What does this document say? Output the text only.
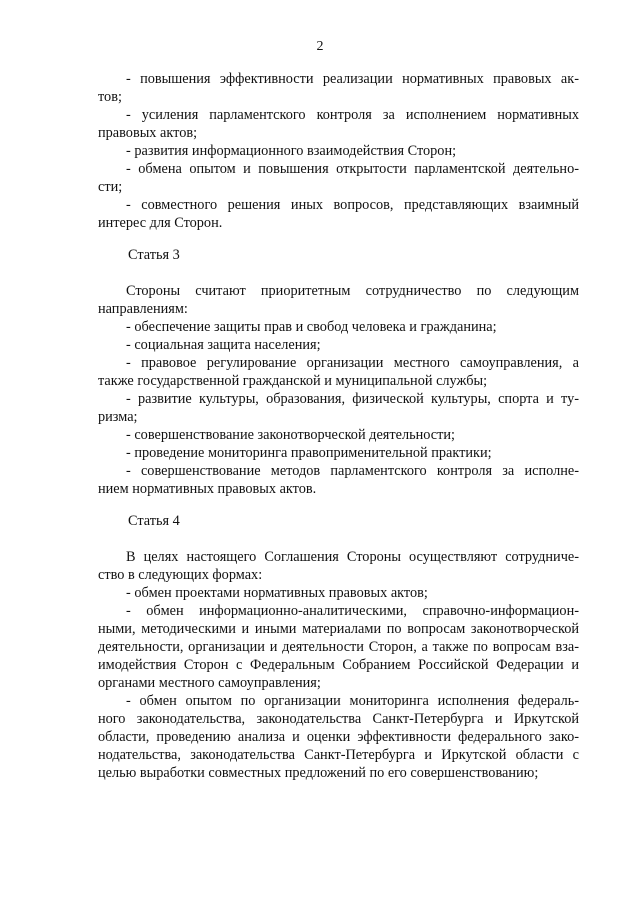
2
- повышения эффективности реализации нормативных правовых ак-
тов;
- усиления парламентского контроля за исполнением нормативных
правовых актов;
- развития информационного взаимодействия Сторон;
- обмена опытом и повышения открытости парламентской деятельно-
сти;
- совместного решения иных вопросов, представляющих взаимный
интерес для Сторон.
Статья 3
Стороны считают приоритетным сотрудничество по следующим
направлениям:
- обеспечение защиты прав и свобод человека и гражданина;
- социальная защита населения;
- правовое регулирование организации местного самоуправления, а
также государственной гражданской и муниципальной службы;
- развитие культуры, образования, физической культуры, спорта и ту-
ризма;
- совершенствование законотворческой деятельности;
- проведение мониторинга правоприменительной практики;
- совершенствование методов парламентского контроля за исполне-
нием нормативных правовых актов.
Статья 4
В целях настоящего Соглашения Стороны осуществляют сотрудниче-
ство в следующих формах:
- обмен проектами нормативных правовых актов;
- обмен информационно-аналитическими, справочно-информацион-
ными, методическими и иными материалами по вопросам законотворческой
деятельности, организации и деятельности Сторон, а также по вопросам вза-
имодействия Сторон с Федеральным Собранием Российской Федерации и
органами местного самоуправления;
- обмен опытом по организации мониторинга исполнения федераль-
ного законодательства, законодательства Санкт-Петербурга и Иркутской
области, проведению анализа и оценки эффективности федерального зако-
нодательства, законодательства Санкт-Петербурга и Иркутской области с
целью выработки совместных предложений по его совершенствованию;
